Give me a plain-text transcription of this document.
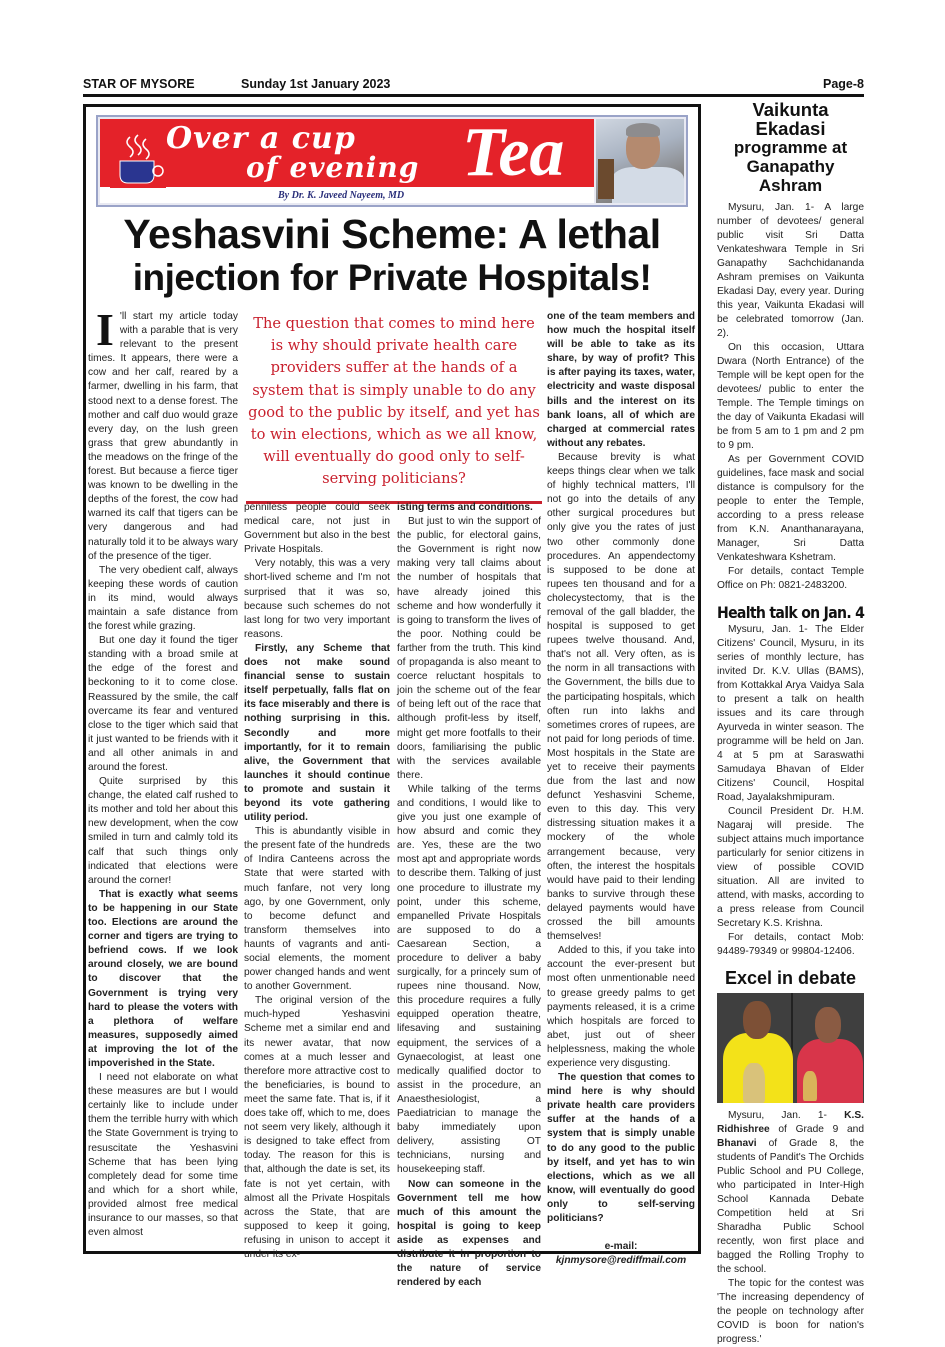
STAR OF MYSORE	Sunday 1st January 2023	Page-8
Over a cup
of evening Tea
By Dr. K. Javeed Nayeem, MD
Yeshasvini Scheme: A lethal
injection for Private Hospitals!
I 'll start my article today with a parable that is very relevant to the present times. It appears, there were a cow and her calf, reared by a farmer, dwelling in his farm, that stood next to a dense forest. The mother and calf duo would graze every day, on the lush green grass that grew abundantly in the meadows on the fringe of the forest. But because a fierce tiger was known to be dwelling in the depths of the forest, the cow had warned its calf that tigers can be very dangerous and had naturally told it to be always wary of the presence of the tiger.

The very obedient calf, always keeping these words of caution in its mind, would always maintain a safe distance from the forest while grazing.

But one day it found the tiger standing with a broad smile at the edge of the forest and beckoning to it to come close. Reassured by the smile, the calf overcame its fear and ventured close to the tiger which said that it just wanted to be friends with it and all other animals in and around the forest.

Quite surprised by this change, the elated calf rushed to its mother and told her about this new development, when the cow smiled in turn and calmly told its calf that such things only indicated that elections were around the corner!

That is exactly what seems to be happening in our State too. Elections are around the corner and tigers are trying to befriend cows. If we look around closely, we are bound to discover that the Government is trying very hard to please the voters with a plethora of welfare measures, supposedly aimed at improving the lot of the impoverished in the State.

I need not elaborate on what these measures are but I would certainly like to include under them the terrible hurry with which the State Government is trying to resuscitate the Yeshasvini Scheme that has been lying completely dead for some time and which for a short while, provided almost free medical insurance to our masses, so that even almost

The question that comes to mind here is why should private health care providers suffer at the hands of a system that is simply unable to do any good to the public by itself, and yet has to win elections, which as we all know, will eventually do good only to self-serving politicians?

penniless people could seek medical care, not just in Government but also in the best Private Hospitals.

Very notably, this was a very short-lived scheme and I'm not surprised that it was so, because such schemes do not last long for two very important reasons.

Firstly, any Scheme that does not make sound financial sense to sustain itself perpetually, falls flat on its face miserably and there is nothing surprising in this. Secondly and more importantly, for it to remain alive, the Government that launches it should continue to promote and sustain it beyond its vote gathering utility period.

This is abundantly visible in the present fate of the hundreds of Indira Canteens across the State that were started with much fanfare, not very long ago, by one Government, only to become defunct and transform themselves into haunts of vagrants and anti-social elements, the moment power changed hands and went to another Government.

The original version of the much-hyped Yeshasvini Scheme met a similar end and its newer avatar, that now comes at a much lesser and therefore more attractive cost to the beneficiaries, is bound to meet the same fate. That is, if it does take off, which to me, does not seem very likely, although it is designed to take effect from today. The reason for this is that, although the date is set, its fate is not yet certain, with almost all the Private Hospitals across the State, that are supposed to keep it going, refusing in unison to accept it under its ex-

isting terms and conditions.

But just to win the support of the public, for electoral gains, the Government is right now making very tall claims about the number of hospitals that have already joined this scheme and how wonderfully it is going to transform the lives of the poor. Nothing could be farther from the truth. This kind of propaganda is also meant to coerce reluctant hospitals to join the scheme out of the fear of being left out of the race that although profit-less by itself, might get more footfalls to their doors, familiarising the public with the services available there.

While talking of the terms and conditions, I would like to give you just one example of how absurd and comic they are. Yes, these are the two most apt and appropriate words to describe them. Talking of just one procedure to illustrate my point, under this scheme, empanelled Private Hospitals are supposed to do a Caesarean Section, a procedure to deliver a baby surgically, for a princely sum of rupees nine thousand. Now, this procedure requires a fully equipped operation theatre, lifesaving and sustaining equipment, the services of a Gynaecologist, at least one medically qualified doctor to assist in the procedure, an Anaesthesiologist, a Paediatrician to manage the baby immediately upon delivery, assisting OT technicians, nursing and housekeeping staff.

Now can someone in the Government tell me how much of this amount the hospital is going to keep aside as expenses and distribute it in proportion to the nature of service rendered by each

one of the team members and how much the hospital itself will be able to take as its share, by way of profit? This is after paying its taxes, water, electricity and waste disposal bills and the interest on its bank loans, all of which are charged at commercial rates without any rebates.

Because brevity is what keeps things clear when we talk of highly technical matters, I'll not go into the details of any other surgical procedures but only give you the rates of just two other commonly done procedures. An appendectomy is supposed to be done at rupees ten thousand and for a cholecystectomy, that is the removal of the gall bladder, the hospital is supposed to get rupees twelve thousand. And, that's not all. Very often, as is the norm in all transactions with the Government, the bills due to the participating hospitals, which often run into lakhs and sometimes crores of rupees, are not paid for long periods of time. Most hospitals in the State are yet to receive their payments due from the last and now defunct Yeshasvini Scheme, even to this day. This very distressing situation makes it a mockery of the whole arrangement because, very often, the interest the hospitals would have paid to their lending banks to survive through these delayed payments would have crossed the bill amounts themselves!

Added to this, if you take into account the ever-present but most often unmentionable need to grease greedy palms to get payments released, it is a crime which hospitals are forced to abet, just out of sheer helplessness, making the whole experience very disgusting.

The question that comes to mind here is why should private health care providers suffer at the hands of a system that is simply unable to do any good to the public by itself, and yet has to win elections, which as we all know, will eventually do good only to self-serving politicians?

e-mail:
kjnmysore@rediffmail.com
Vaikunta Ekadasi
programme at
Ganapathy Ashram

Mysuru, Jan. 1- A large number of devotees/ general public visit Sri Datta Venkateshwara Temple in Sri Ganapathy Sachchidananda Ashram premises on Vaikunta Ekadasi Day, every year. During this year, Vaikunta Ekadasi will be celebrated tomorrow (Jan. 2).

On this occasion, Uttara Dwara (North Entrance) of the Temple will be kept open for the devotees/ public to enter the Temple. The Temple timings on the day of Vaikunta Ekadasi will be from 5 am to 1 pm and 2 pm to 9 pm.

As per Government COVID guidelines, face mask and social distance is compulsory for the people to enter the Temple, according to a press release from K.N. Ananthanarayana, Manager, Sri Datta Venkateshwara Kshetram.

For details, contact Temple Office on Ph: 0821-2483200.

Health talk on Jan. 4

Mysuru, Jan. 1- The Elder Citizens' Council, Mysuru, in its series of monthly lecture, has invited Dr. K.V. Ullas (BAMS), from Kottakkal Arya Vaidya Sala to present a talk on health issues and its care through Ayurveda in winter season. The programme will be held on Jan. 4 at 5 pm at Saraswathi Samudaya Bhavan of Elder Citizens' Council, Hospital Road, Jayalakshmipuram.

Council President Dr. H.M. Nagaraj will preside. The subject attains much importance particularly for senior citizens in view of possible COVID situation. All are invited to attend, with masks, according to a press release from Council Secretary K.S. Krishna.

For details, contact Mob: 94489-79349 or 99804-12406.

Excel in debate

Mysuru, Jan. 1- K.S. Ridhishree of Grade 9 and Bhanavi of Grade 8, the students of Pandit's The Orchids Public School and PU College, who participated in Inter-High School Kannada Debate Competition held at Sri Sharadha Public School recently, won first place and bagged the Rolling Trophy to the school.

The topic for the contest was 'The increasing dependency of the people on technology after COVID is boon for nation's progress.'
